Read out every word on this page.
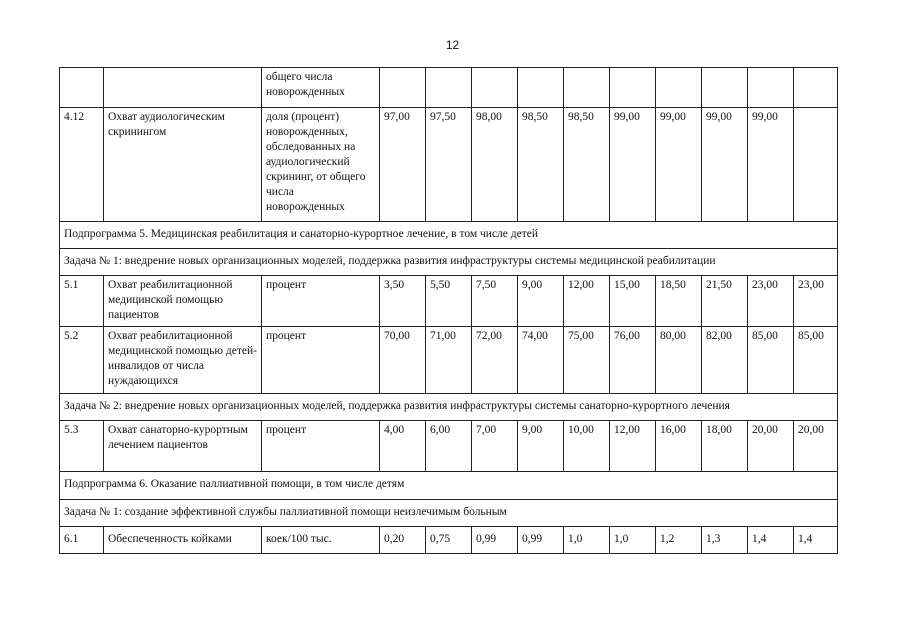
12
		общего числа новорожденных										
4.12	Охват аудиологическим скринингом	доля (процент) новорожденных, обследованных на аудиологический скрининг, от общего числа новорожденных	97,00	97,50	98,00	98,50	98,50	99,00	99,00	99,00	99,00	
Подпрограмма 5. Медицинская реабилитация и санаторно-курортное лечение, в том числе детей												
Задача № 1: внедрение новых организационных моделей, поддержка развития инфраструктуры системы медицинской реабилитации												
5.1	Охват реабилитационной медицинской помощью пациентов	процент	3,50	5,50	7,50	9,00	12,00	15,00	18,50	21,50	23,00	23,00
5.2	Охват реабилитационной медицинской помощью детей-инвалидов от числа нуждающихся	процент	70,00	71,00	72,00	74,00	75,00	76,00	80,00	82,00	85,00	85,00
Задача № 2: внедрение новых организационных моделей, поддержка развития инфраструктуры системы санаторно-курортного лечения												
5.3	Охват санаторно-курортным лечением пациентов	процент	4,00	6,00	7,00	9,00	10,00	12,00	16,00	18,00	20,00	20,00
Подпрограмма 6. Оказание паллиативной помощи, в том числе детям												
Задача № 1: создание эффективной службы паллиативной помощи неизлечимым больным												
6.1	Обеспеченность койками	коек/100 тыс.	0,20	0,75	0,99	0,99	1,0	1,0	1,2	1,3	1,4	1,4
